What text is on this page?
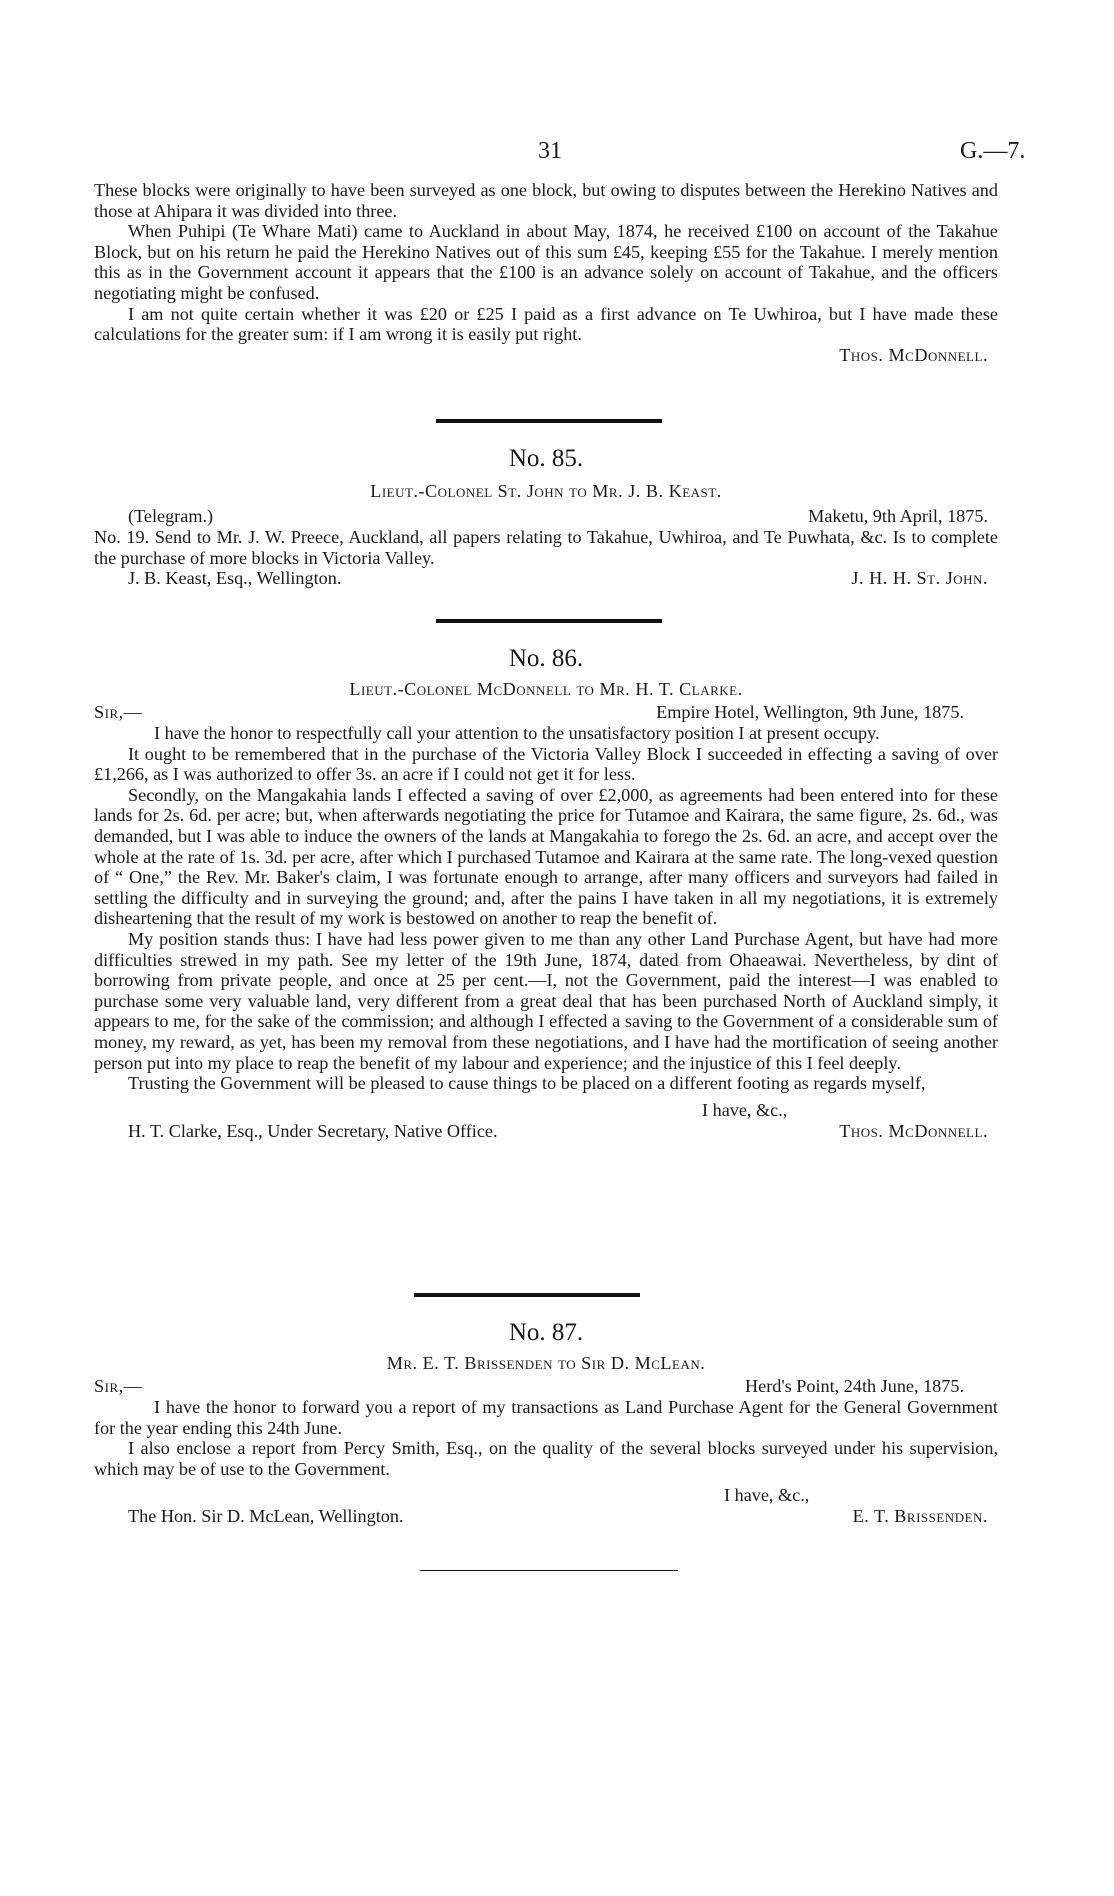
31	G.—7.

These blocks were originally to have been surveyed as one block, but owing to disputes between the Herekino Natives and those at Ahipara it was divided into three.

When Puhipi (Te Whare Mati) came to Auckland in about May, 1874, he received £100 on account of the Takahue Block, but on his return he paid the Herekino Natives out of this sum £45, keeping £55 for the Takahue. I merely mention this as in the Government account it appears that the £100 is an advance solely on account of Takahue, and the officers negotiating might be confused.

I am not quite certain whether it was £20 or £25 I paid as a first advance on Te Uwhiroa, but I have made these calculations for the greater sum: if I am wrong it is easily put right.

Thos. McDonnell.
No. 85.
Lieut.-Colonel St. John to Mr. J. B. Keast.
(Telegram.)	Maketu, 9th April, 1875.

No. 19. Send to Mr. J. W. Preece, Auckland, all papers relating to Takahue, Uwhiroa, and Te Puwhata, &c. Is to complete the purchase of more blocks in Victoria Valley.

J. B. Keast, Esq., Wellington.	J. H. H. St. John.
No. 86.
Lieut.-Colonel McDonnell to Mr. H. T. Clarke.
Sir,—	Empire Hotel, Wellington, 9th June, 1875.

I have the honor to respectfully call your attention to the unsatisfactory position I at present occupy.

It ought to be remembered that in the purchase of the Victoria Valley Block I succeeded in effecting a saving of over £1,266, as I was authorized to offer 3s. an acre if I could not get it for less.

Secondly, on the Mangakahia lands I effected a saving of over £2,000, as agreements had been entered into for these lands for 2s. 6d. per acre; but, when afterwards negotiating the price for Tutamoe and Kairara, the same figure, 2s. 6d., was demanded, but I was able to induce the owners of the lands at Mangakahia to forego the 2s. 6d. an acre, and accept over the whole at the rate of 1s. 3d. per acre, after which I purchased Tutamoe and Kairara at the same rate. The long-vexed question of “ One,” the Rev. Mr. Baker's claim, I was fortunate enough to arrange, after many officers and surveyors had failed in settling the difficulty and in surveying the ground; and, after the pains I have taken in all my negotiations, it is extremely disheartening that the result of my work is bestowed on another to reap the benefit of.

My position stands thus: I have had less power given to me than any other Land Purchase Agent, but have had more difficulties strewed in my path. See my letter of the 19th June, 1874, dated from Ohaeawai. Nevertheless, by dint of borrowing from private people, and once at 25 per cent.—I, not the Government, paid the interest—I was enabled to purchase some very valuable land, very different from a great deal that has been purchased North of Auckland simply, it appears to me, for the sake of the commission; and although I effected a saving to the Government of a considerable sum of money, my reward, as yet, has been my removal from these negotiations, and I have had the mortification of seeing another person put into my place to reap the benefit of my labour and experience; and the injustice of this I feel deeply.

Trusting the Government will be pleased to cause things to be placed on a different footing as regards myself,

I have, &c.,
H. T. Clarke, Esq., Under Secretary, Native Office.	Thos. McDonnell.
No. 87.
Mr. E. T. Brissenden to Sir D. McLean.
Sir,—	Herd's Point, 24th June, 1875.

I have the honor to forward you a report of my transactions as Land Purchase Agent for the General Government for the year ending this 24th June.

I also enclose a report from Percy Smith, Esq., on the quality of the several blocks surveyed under his supervision, which may be of use to the Government.

I have, &c.,
The Hon. Sir D. McLean, Wellington.	E. T. Brissenden.
